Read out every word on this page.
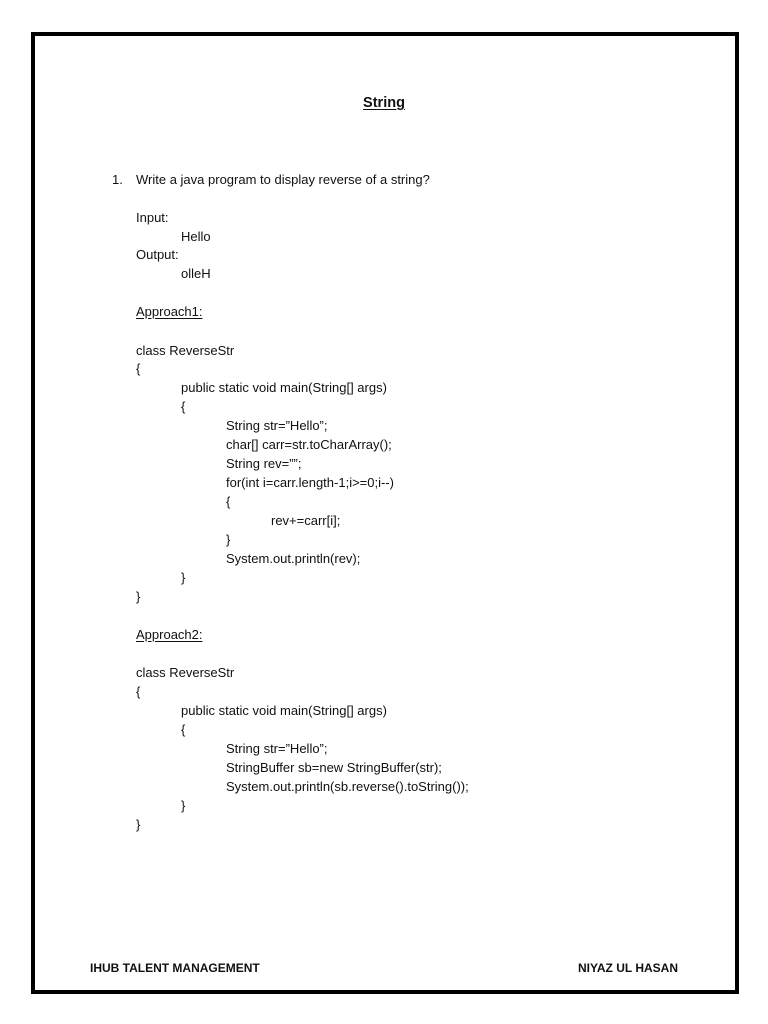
String
1. Write a java program to display reverse of a string?
Input:
Hello
Output:
olleH
Approach1:
class ReverseStr
{
public static void main(String[] args)
{
String str=”Hello”;
char[] carr=str.toCharArray();
String rev=””;
for(int i=carr.length-1;i>=0;i--)
{
rev+=carr[i];
}
System.out.println(rev);
}
}
Approach2:
class ReverseStr
{
public static void main(String[] args)
{
String str=”Hello”;
StringBuffer sb=new StringBuffer(str);
System.out.println(sb.reverse().toString());
}
}
IHUB TALENT MANAGEMENT	NIYAZ UL HASAN
